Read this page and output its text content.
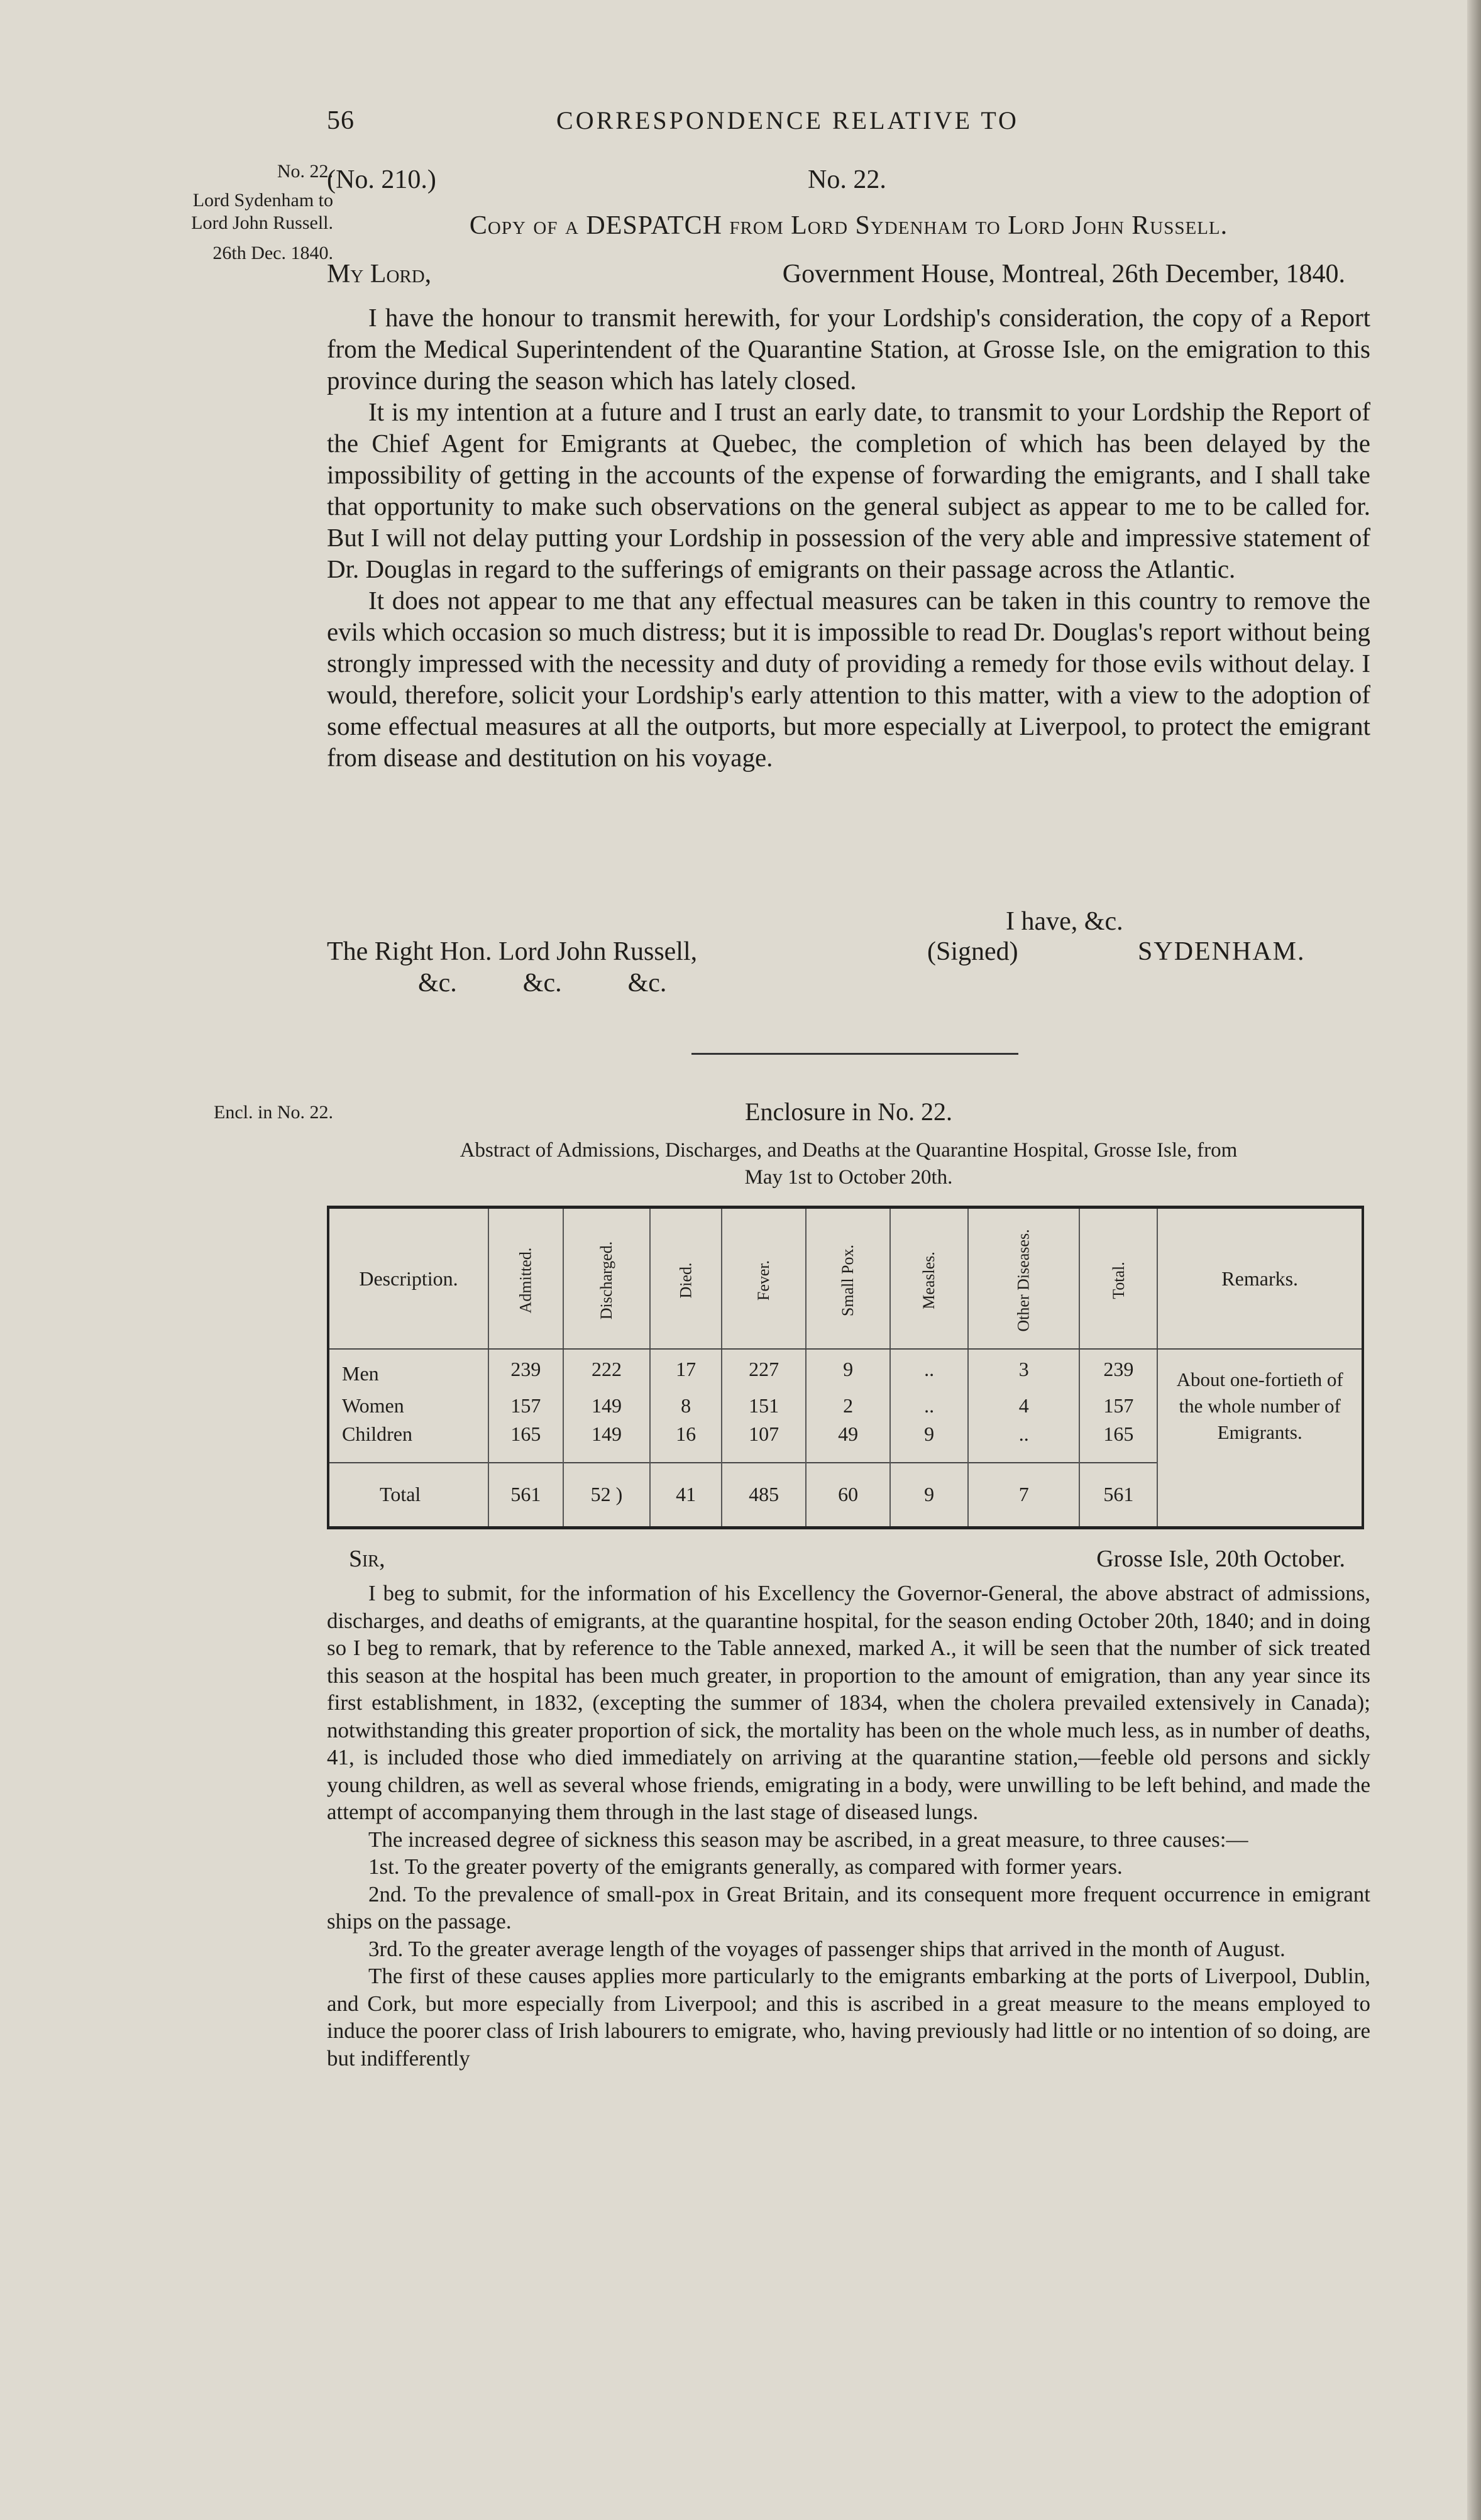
56	CORRESPONDENCE RELATIVE TO
No. 22.
Lord Sydenham to
Lord John Russell.
26th Dec. 1840.
Encl. in No. 22.
(No. 210.)	No. 22.
Copy of a DESPATCH from Lord Sydenham to Lord John Russell.
My Lord,	Government House, Montreal, 26th December, 1840.

I have the honour to transmit herewith, for your Lordship's consideration, the copy of a Report from the Medical Superintendent of the Quarantine Station, at Grosse Isle, on the emigration to this province during the season which has lately closed.

It is my intention at a future and I trust an early date, to transmit to your Lordship the Report of the Chief Agent for Emigrants at Quebec, the completion of which has been delayed by the impossibility of getting in the accounts of the expense of forwarding the emigrants, and I shall take that opportunity to make such observations on the general subject as appear to me to be called for. But I will not delay putting your Lordship in possession of the very able and impressive statement of Dr. Douglas in regard to the sufferings of emigrants on their passage across the Atlantic.

It does not appear to me that any effectual measures can be taken in this country to remove the evils which occasion so much distress; but it is impossible to read Dr. Douglas's report without being strongly impressed with the necessity and duty of providing a remedy for those evils without delay. I would, therefore, solicit your Lordship's early attention to this matter, with a view to the adoption of some effectual measures at all the outports, but more especially at Liverpool, to protect the emigrant from disease and destitution on his voyage.

I have, &c.
The Right Hon. Lord John Russell,	(Signed)	SYDENHAM.
&c.          &c.          &c.
Enclosure in No. 22.
Abstract of Admissions, Discharges, and Deaths at the Quarantine Hospital, Grosse Isle, from
May 1st to October 20th.
Description.	Admitted.	Discharged.	Died.	Fever.	Small Pox.	Measles.	Other Diseases.	Total.	Remarks.
Men	239	222	17	227	9	..	3	239	About one-fortieth of the whole number of Emigrants.
Women	157	149	8	151	2	..	4	157	
Children	165	149	16	107	49	9	..	165	
Total	561	52 )	41	485	60	9	7	561	
Sir,	Grosse Isle, 20th October.

I beg to submit, for the information of his Excellency the Governor-General, the above abstract of admissions, discharges, and deaths of emigrants, at the quarantine hospital, for the season ending October 20th, 1840; and in doing so I beg to remark, that by reference to the Table annexed, marked A., it will be seen that the number of sick treated this season at the hospital has been much greater, in proportion to the amount of emigration, than any year since its first establishment, in 1832, (excepting the summer of 1834, when the cholera prevailed extensively in Canada); notwithstanding this greater proportion of sick, the mortality has been on the whole much less, as in number of deaths, 41, is included those who died immediately on arriving at the quarantine station,—feeble old persons and sickly young children, as well as several whose friends, emigrating in a body, were unwilling to be left behind, and made the attempt of accompanying them through in the last stage of diseased lungs.

The increased degree of sickness this season may be ascribed, in a great measure, to three causes:—

1st. To the greater poverty of the emigrants generally, as compared with former years.

2nd. To the prevalence of small-pox in Great Britain, and its consequent more frequent occurrence in emigrant ships on the passage.

3rd. To the greater average length of the voyages of passenger ships that arrived in the month of August.

The first of these causes applies more particularly to the emigrants embarking at the ports of Liverpool, Dublin, and Cork, but more especially from Liverpool; and this is ascribed in a great measure to the means employed to induce the poorer class of Irish labourers to emigrate, who, having previously had little or no intention of so doing, are but indifferently
